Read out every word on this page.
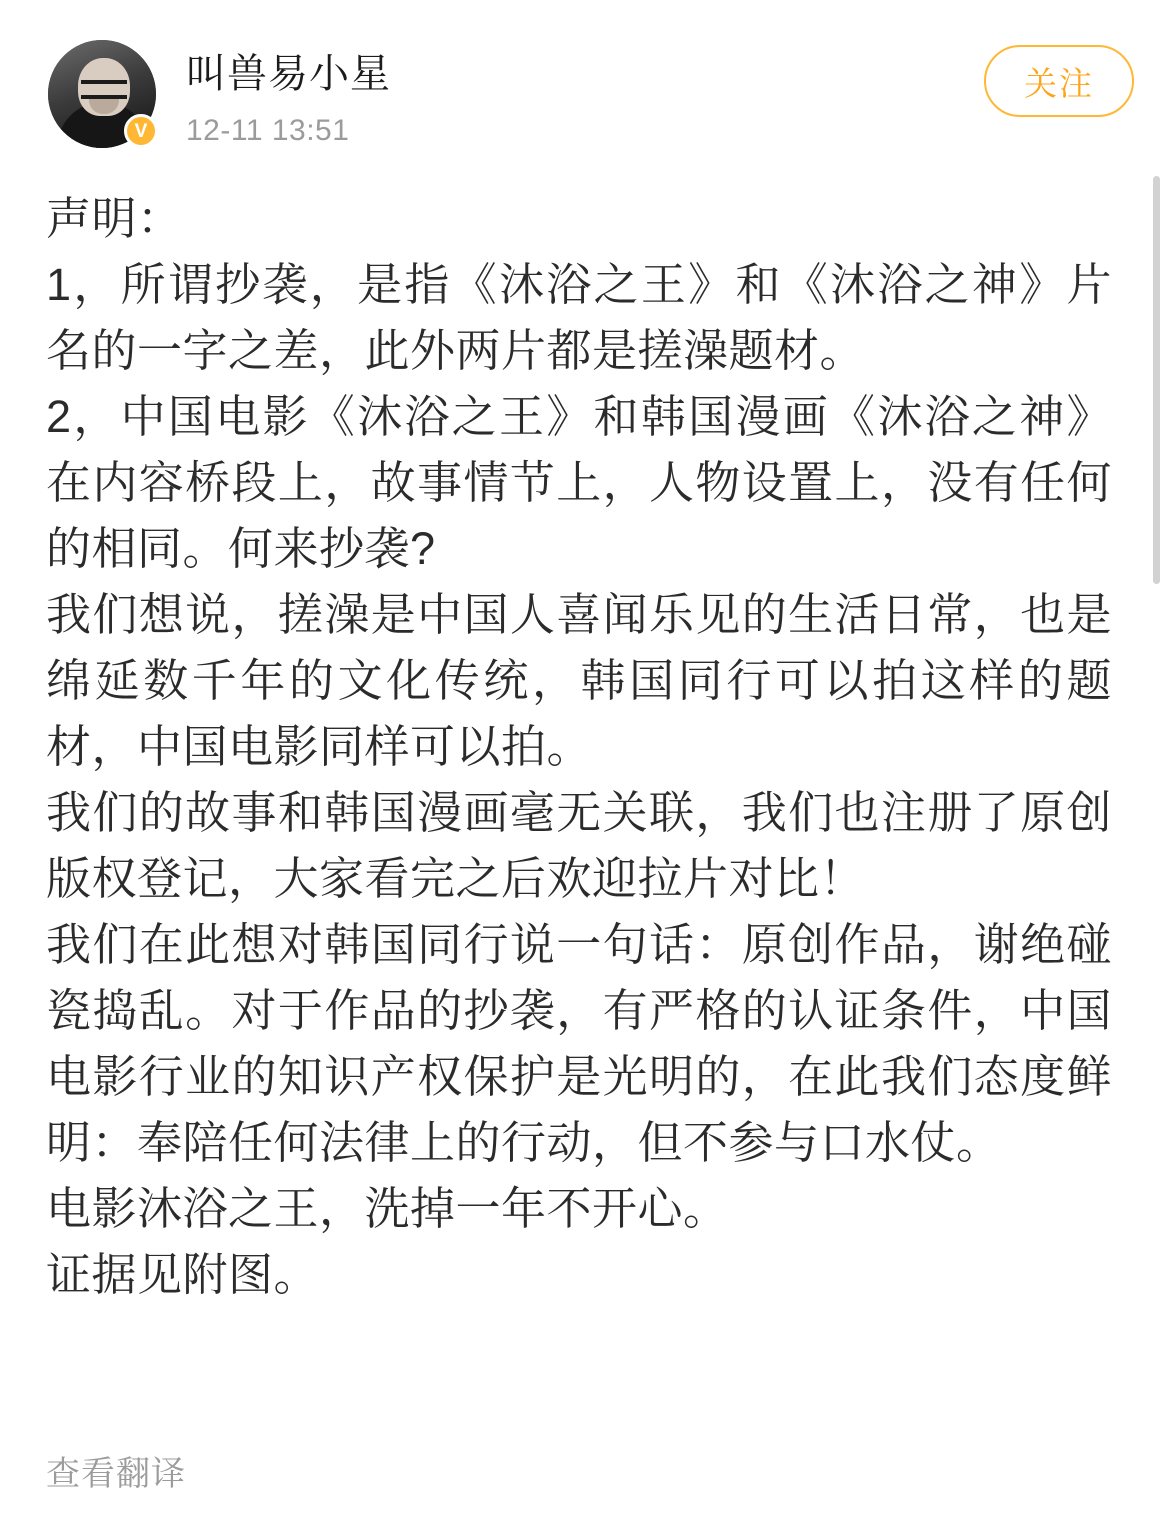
V
叫兽易小星
12-11 13:51
关注

声明：

1，所谓抄袭，是指《沐浴之王》和《沐浴之神》片名的一字之差，此外两片都是搓澡题材。

2，中国电影《沐浴之王》和韩国漫画《沐浴之神》在内容桥段上，故事情节上，人物设置上，没有任何的相同。何来抄袭?

我们想说，搓澡是中国人喜闻乐见的生活日常，也是绵延数千年的文化传统，韩国同行可以拍这样的题材，中国电影同样可以拍。

我们的故事和韩国漫画毫无关联，我们也注册了原创版权登记，大家看完之后欢迎拉片对比！

我们在此想对韩国同行说一句话：原创作品，谢绝碰瓷捣乱。对于作品的抄袭，有严格的认证条件，中国电影行业的知识产权保护是光明的，在此我们态度鲜明：奉陪任何法律上的行动，但不参与口水仗。

电影沐浴之王，洗掉一年不开心。

证据见附图。

查看翻译
